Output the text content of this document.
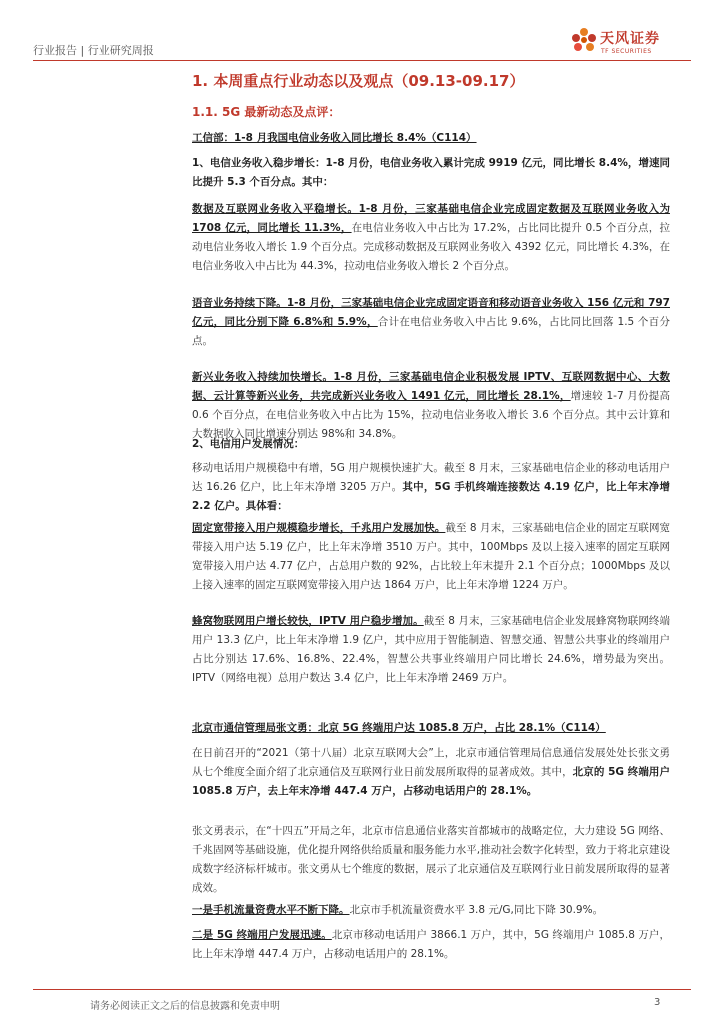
行业报告 | 行业研究周报
天风证券
TF SECURITIES
1. 本周重点行业动态以及观点（09.13-09.17）
1.1. 5G 最新动态及点评：
工信部：1-8 月我国电信业务收入同比增长 8.4%（C114）
1、电信业务收入稳步增长：1-8 月份，电信业务收入累计完成 9919 亿元，同比增长 8.4%，增速同比提升 5.3 个百分点。其中：
数据及互联网业务收入平稳增长。1-8 月份，三家基础电信企业完成固定数据及互联网业务收入为 1708 亿元，同比增长 11.3%，在电信业务收入中占比为 17.2%，占比同比提升 0.5 个百分点，拉动电信业务收入增长 1.9 个百分点。完成移动数据及互联网业务收入 4392 亿元，同比增长 4.3%，在电信业务收入中占比为 44.3%，拉动电信业务收入增长 2 个百分点。
语音业务持续下降。1-8 月份，三家基础电信企业完成固定语音和移动语音业务收入 156 亿元和 797 亿元，同比分别下降 6.8%和 5.9%，合计在电信业务收入中占比 9.6%，占比同比回落 1.5 个百分点。
新兴业务收入持续加快增长。1-8 月份，三家基础电信企业积极发展 IPTV、互联网数据中心、大数据、云计算等新兴业务，共完成新兴业务收入 1491 亿元，同比增长 28.1%，增速较 1-7 月份提高 0.6 个百分点，在电信业务收入中占比为 15%，拉动电信业务收入增长 3.6 个百分点。其中云计算和大数据收入同比增速分别达 98%和 34.8%。
2、电信用户发展情况：
移动电话用户规模稳中有增，5G 用户规模快速扩大。截至 8 月末，三家基础电信企业的移动电话用户达 16.26 亿户，比上年末净增 3205 万户。其中，5G 手机终端连接数达 4.19 亿户，比上年末净增 2.2 亿户。具体看：
固定宽带接入用户规模稳步增长，千兆用户发展加快。截至 8 月末，三家基础电信企业的固定互联网宽带接入用户达 5.19 亿户，比上年末净增 3510 万户。其中，100Mbps 及以上接入速率的固定互联网宽带接入用户达 4.77 亿户，占总用户数的 92%，占比较上年末提升 2.1 个百分点；1000Mbps 及以上接入速率的固定互联网宽带接入用户达 1864 万户，比上年末净增 1224 万户。
蜂窝物联网用户增长较快，IPTV 用户稳步增加。截至 8 月末，三家基础电信企业发展蜂窝物联网终端用户 13.3 亿户，比上年末净增 1.9 亿户，其中应用于智能制造、智慧交通、智慧公共事业的终端用户占比分别达 17.6%、16.8%、22.4%，智慧公共事业终端用户同比增长 24.6%，增势最为突出。IPTV（网络电视）总用户数达 3.4 亿户，比上年末净增 2469 万户。
北京市通信管理局张文勇：北京 5G 终端用户达 1085.8 万户，占比 28.1%（C114）
在日前召开的“2021（第十八届）北京互联网大会”上，北京市通信管理局信息通信发展处处长张文勇从七个维度全面介绍了北京通信及互联网行业日前发展所取得的显著成效。其中，北京的 5G 终端用户 1085.8 万户，去上年末净增 447.4 万户，占移动电话用户的 28.1%。
张文勇表示，在“十四五”开局之年，北京市信息通信业落实首都城市的战略定位，大力建设 5G 网络、千兆固网等基础设施，优化提升网络供给质量和服务能力水平,推动社会数字化转型，致力于将北京建设成数字经济标杆城市。张文勇从七个维度的数据，展示了北京通信及互联网行业日前发展所取得的显著成效。
一是手机流量资费水平不断下降。北京市手机流量资费水平 3.8 元/G,同比下降 30.9%。
二是 5G 终端用户发展迅速。北京市移动电话用户 3866.1 万户，其中，5G 终端用户 1085.8 万户，比上年末净增 447.4 万户，占移动电话用户的 28.1%。
请务必阅读正文之后的信息披露和免责申明	3
